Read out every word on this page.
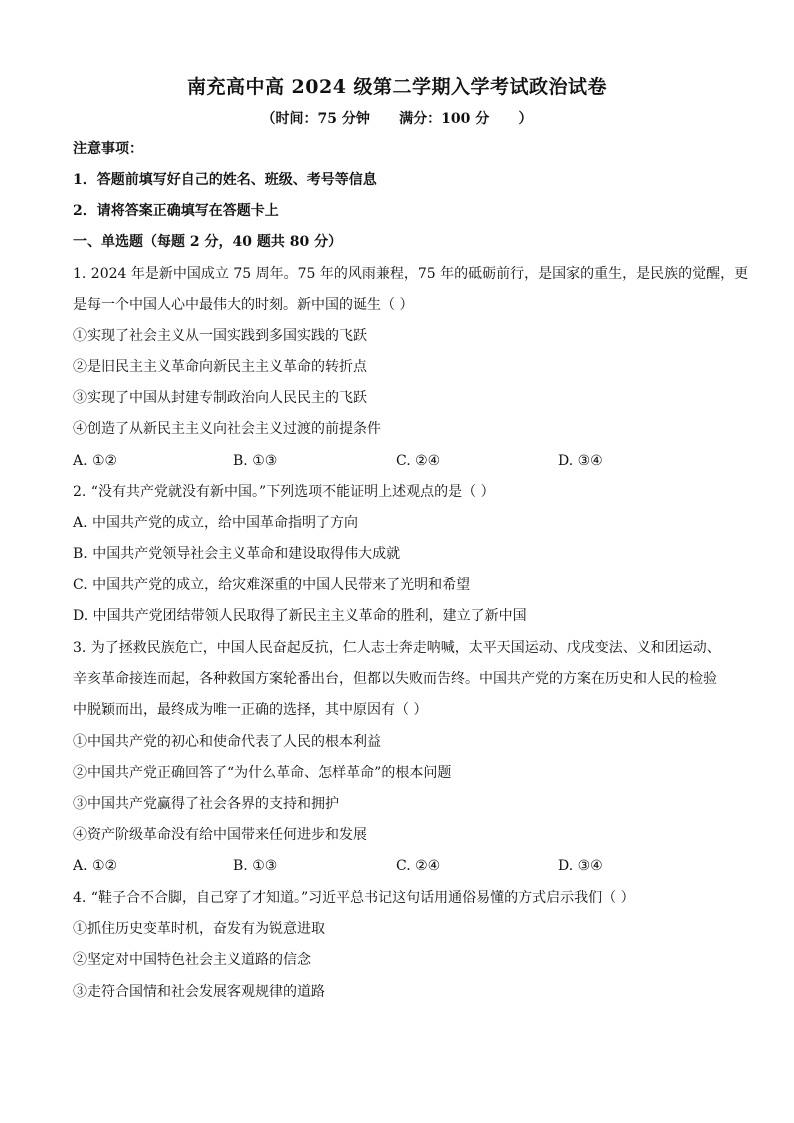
南充高中高 2024 级第二学期入学考试政治试卷
（时间：75 分钟      满分：100 分      ）
注意事项：
1．答题前填写好自己的姓名、班级、考号等信息
2．请将答案正确填写在答题卡上
一、单选题（每题 2 分，40 题共 80 分）
1. 2024 年是新中国成立 75 周年。75 年的风雨兼程，75 年的砥砺前行，是国家的重生，是民族的觉醒，更
是每一个中国人心中最伟大的时刻。新中国的诞生（ ）
①实现了社会主义从一国实践到多国实践的飞跃
②是旧民主主义革命向新民主主义革命的转折点
③实现了中国从封建专制政治向人民民主的飞跃
④创造了从新民主主义向社会主义过渡的前提条件
A. ①②	B. ①③	C. ②④	D. ③④
2. “没有共产党就没有新中国。”下列选项不能证明上述观点的是（ ）
A. 中国共产党的成立，给中国革命指明了方向
B. 中国共产党领导社会主义革命和建设取得伟大成就
C. 中国共产党的成立，给灾难深重的中国人民带来了光明和希望
D. 中国共产党团结带领人民取得了新民主主义革命的胜利，建立了新中国
3. 为了拯救民族危亡，中国人民奋起反抗，仁人志士奔走呐喊，太平天国运动、戊戌变法、义和团运动、
辛亥革命接连而起，各种救国方案轮番出台，但都以失败而告终。中国共产党的方案在历史和人民的检验
中脱颖而出，最终成为唯一正确的选择，其中原因有（ ）
①中国共产党的初心和使命代表了人民的根本利益
②中国共产党正确回答了“为什么革命、怎样革命”的根本问题
③中国共产党赢得了社会各界的支持和拥护
④资产阶级革命没有给中国带来任何进步和发展
A. ①②	B. ①③	C. ②④	D. ③④
4. “鞋子合不合脚，自己穿了才知道。”习近平总书记这句话用通俗易懂的方式启示我们（ ）
①抓住历史变革时机，奋发有为锐意进取
②坚定对中国特色社会主义道路的信念
③走符合国情和社会发展客观规律的道路
